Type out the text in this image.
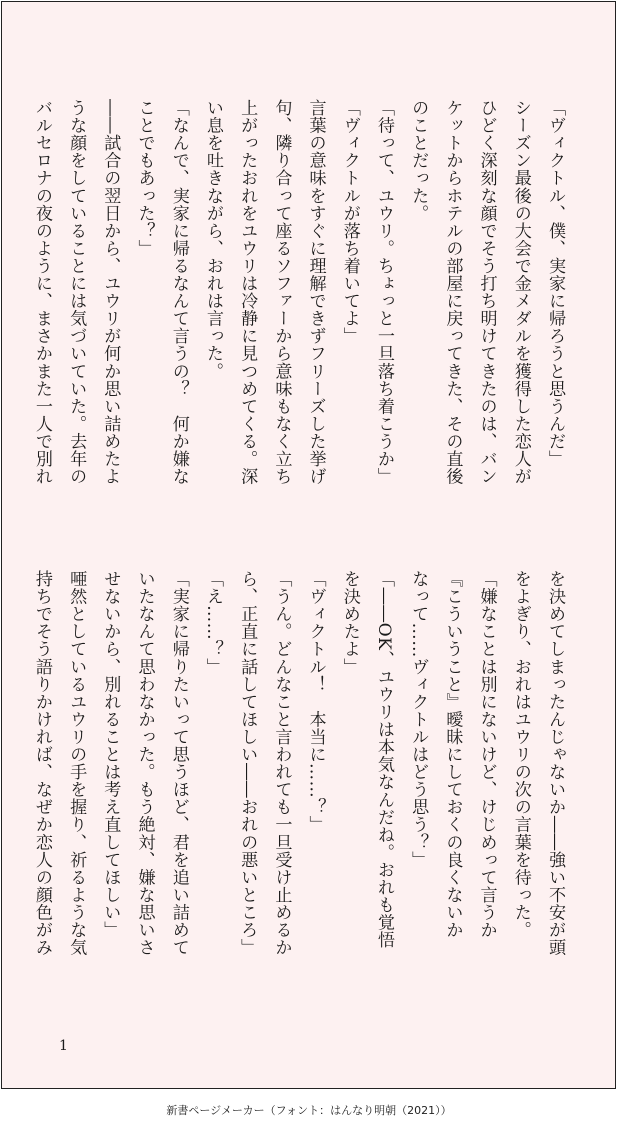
「ヴィクトル、僕、実家に帰ろうと思うんだ」
シーズン最後の大会で金メダルを獲得した恋人が
ひどく深刻な顔でそう打ち明けてきたのは、バン
ケットからホテルの部屋に戻ってきた、その直後
のことだった。
「待って、ユウリ。ちょっと一旦落ち着こうか」
「ヴィクトルが落ち着いてよ」
言葉の意味をすぐに理解できずフリーズした挙げ
句、隣り合って座るソファーから意味もなく立ち
上がったおれをユウリは冷静に見つめてくる。深
い息を吐きながら、おれは言った。
「なんで、実家に帰るなんて言うの？　何か嫌な
ことでもあった？」
――試合の翌日から、ユウリが何か思い詰めたよ
うな顔をしていることには気づいていた。去年の
バルセロナの夜のように、まさかまた一人で別れ
を決めてしまったんじゃないか――強い不安が頭
をよぎり、おれはユウリの次の言葉を待った。
「嫌なことは別にないけど、けじめって言うか
『こういうこと』曖昧にしておくの良くないか
なって……ヴィクトルはどう思う？」
「――OK、ユウリは本気なんだね。おれも覚悟
を決めたよ」
「ヴィクトル！　本当に……？」
「うん。どんなこと言われても一旦受け止めるか
ら、正直に話してほしい――おれの悪いところ」
「え……？」
「実家に帰りたいって思うほど、君を追い詰めて
いたなんて思わなかった。もう絶対、嫌な思いさ
せないから、別れることは考え直してほしい」
唖然としているユウリの手を握り、祈るような気
持ちでそう語りかければ、なぜか恋人の顔色がみ
1
新書ページメーカー（フォント：はんなり明朝（2021））
